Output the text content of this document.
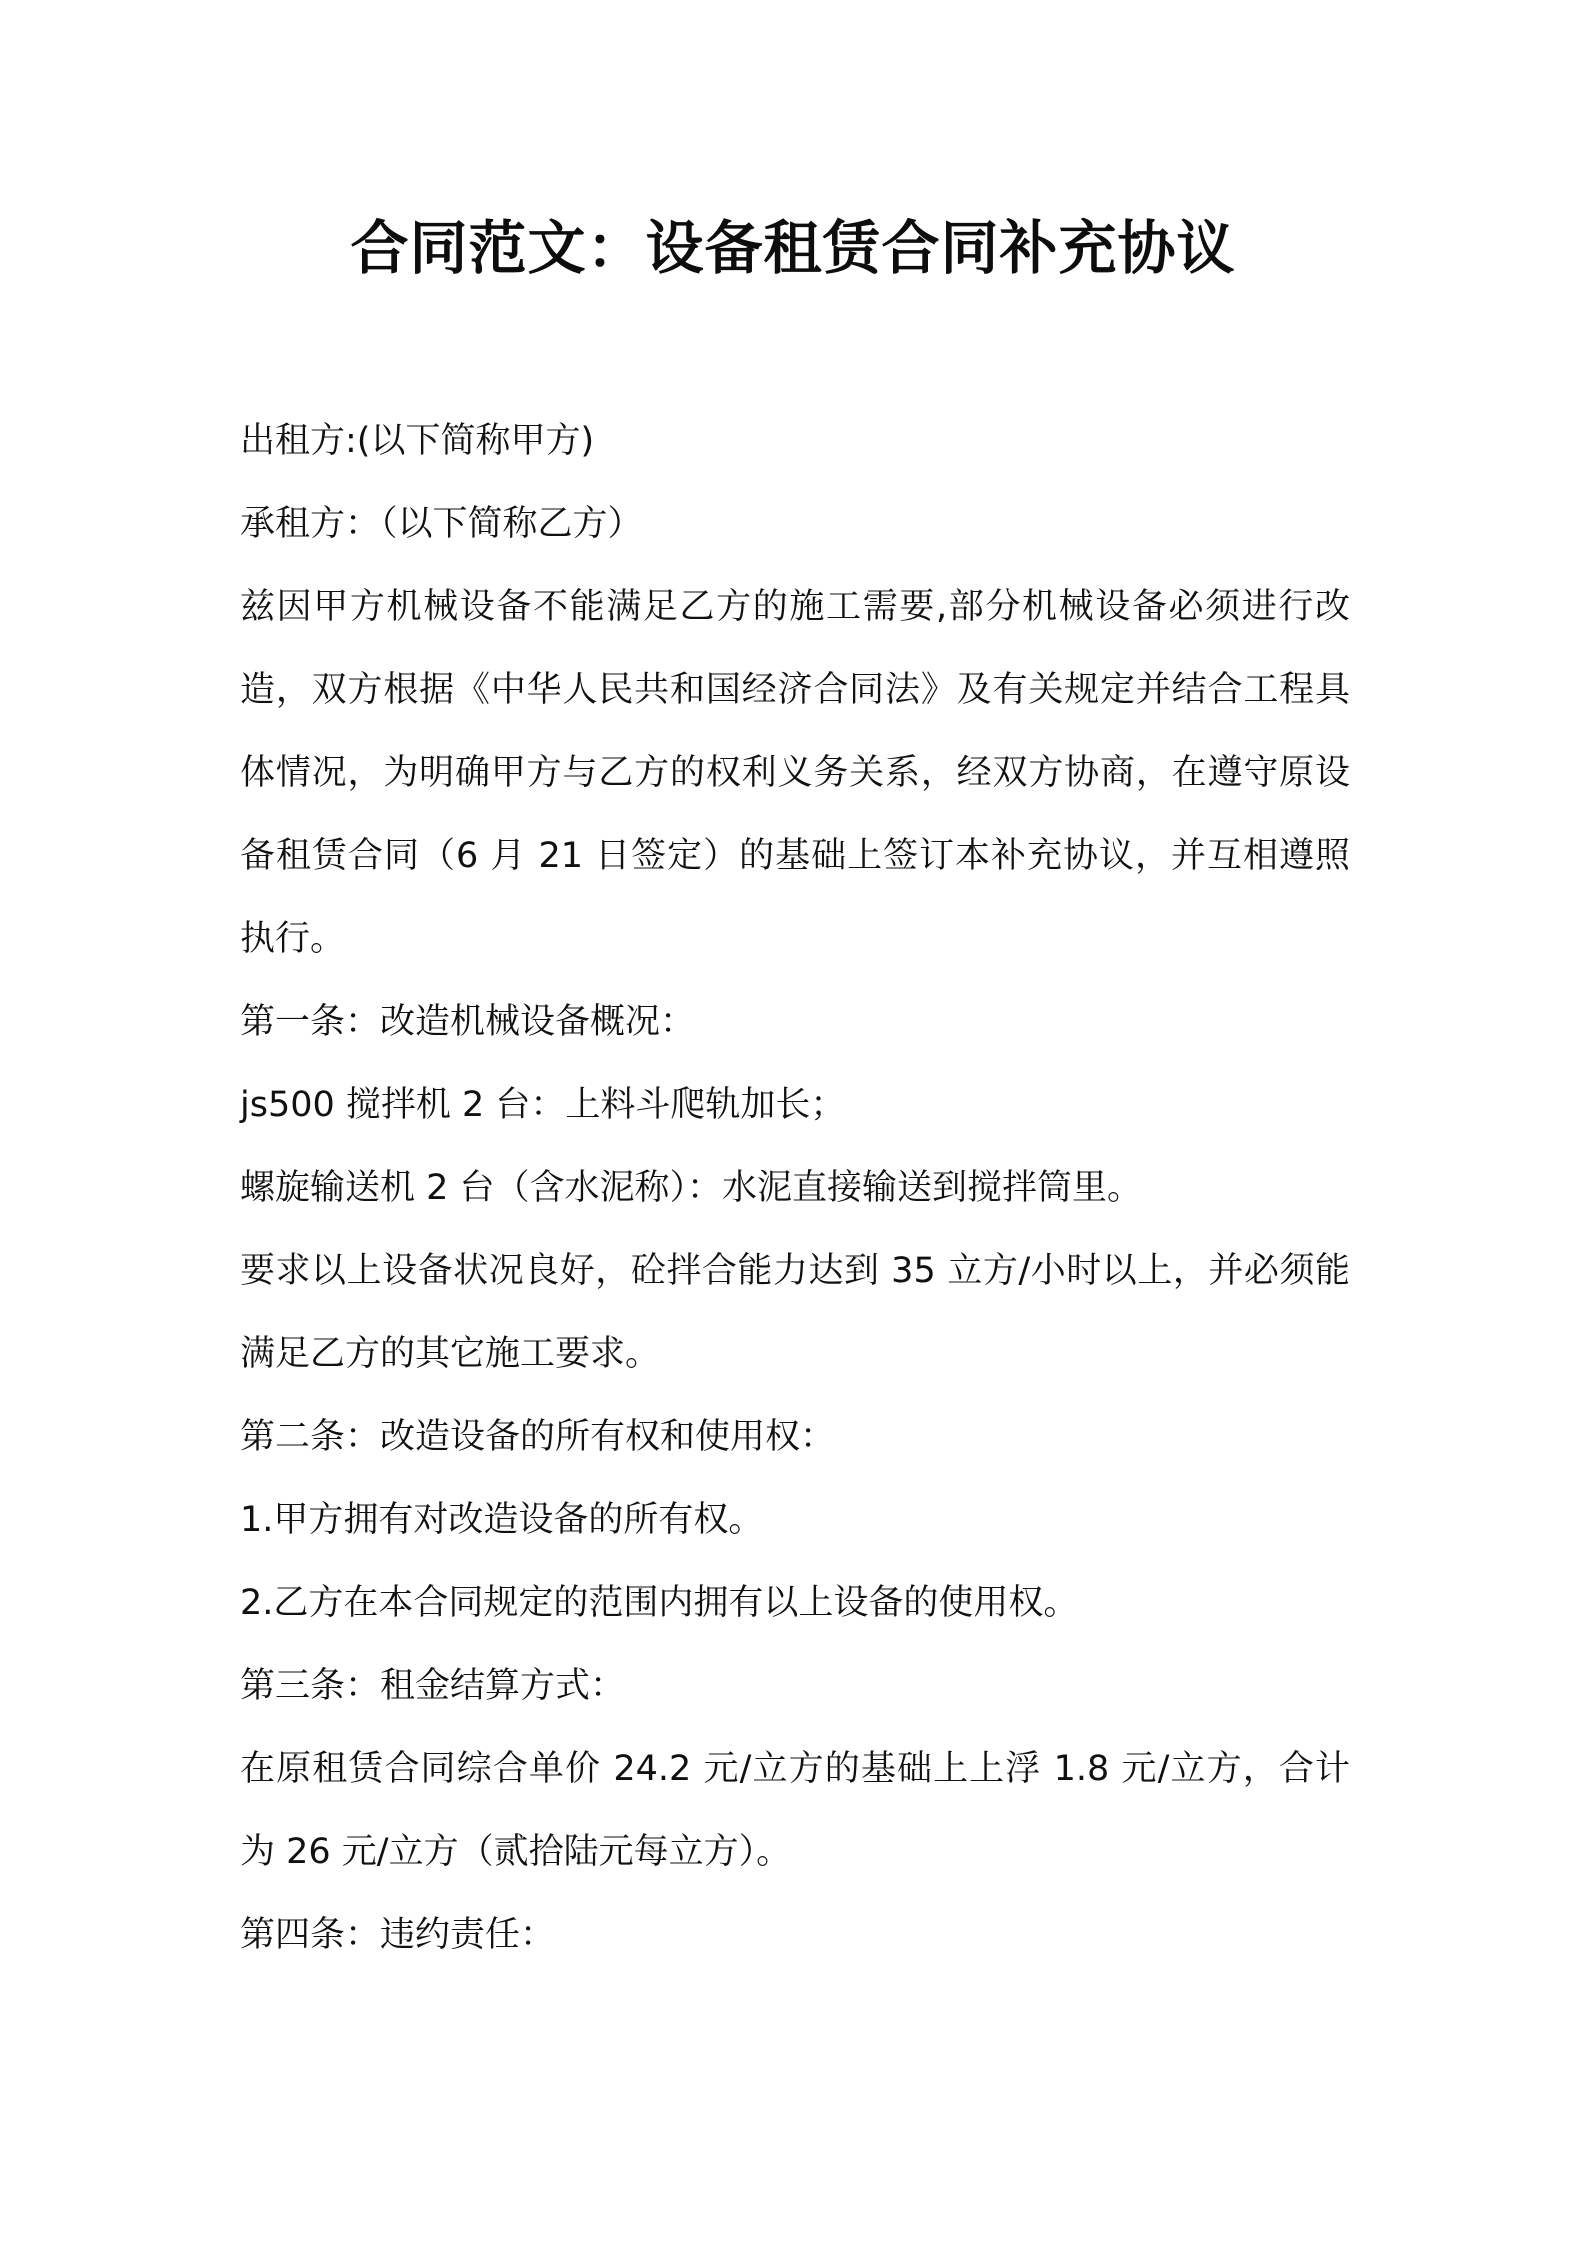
合同范文：设备租赁合同补充协议

出租方:(以下简称甲方)

承租方：（以下简称乙方）

兹因甲方机械设备不能满足乙方的施工需要,部分机械设备必须进行改造，双方根据《中华人民共和国经济合同法》及有关规定并结合工程具体情况，为明确甲方与乙方的权利义务关系，经双方协商，在遵守原设备租赁合同（6 月 21 日签定）的基础上签订本补充协议，并互相遵照执行。

第一条：改造机械设备概况：

js500 搅拌机 2 台：上料斗爬轨加长；

螺旋输送机 2 台（含水泥称）：水泥直接输送到搅拌筒里。

要求以上设备状况良好，砼拌合能力达到 35 立方/小时以上，并必须能满足乙方的其它施工要求。

第二条：改造设备的所有权和使用权：

1.甲方拥有对改造设备的所有权。

2.乙方在本合同规定的范围内拥有以上设备的使用权。

第三条：租金结算方式：

在原租赁合同综合单价 24.2 元/立方的基础上上浮 1.8 元/立方，合计为 26 元/立方（贰拾陆元每立方）。

第四条：违约责任：
